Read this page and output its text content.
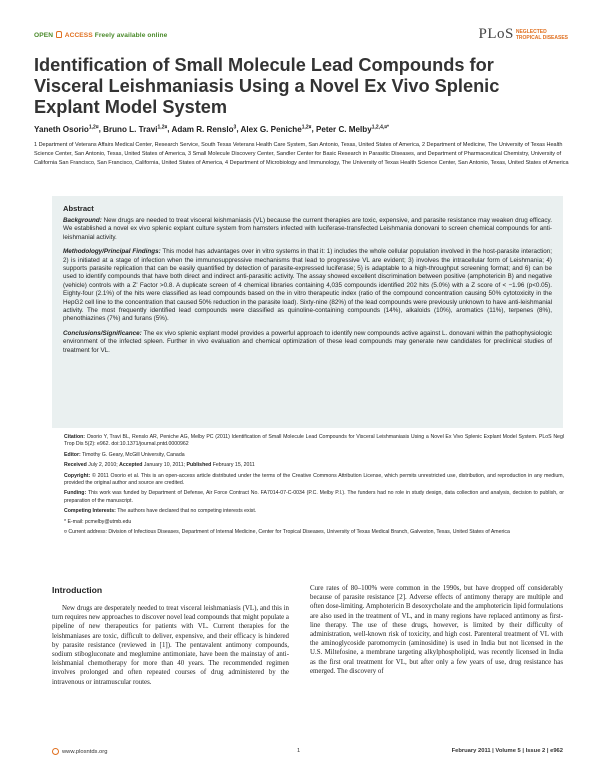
OPEN ACCESS Freely available online	PLoS NEGLECTED
TROPICAL DISEASES
Identification of Small Molecule Lead Compounds for Visceral Leishmaniasis Using a Novel Ex Vivo Splenic Explant Model System
Yaneth Osorio$^{1,2¤}$, Bruno L. Travi$^{1,2¤}$, Adam R. Renslo$^3$, Alex G. Peniche$^{1,2¤}$, Peter C. Melby$^{1,2,4,¤*}$
1 Department of Veterans Affairs Medical Center, Research Service, South Texas Veterans Health Care System, San Antonio, Texas, United States of America, 2 Department of Medicine, The University of Texas Health Science Center, San Antonio, Texas, United States of America, 3 Small Molecule Discovery Center, Sandler Center for Basic Research in Parasitic Diseases, and Department of Pharmaceutical Chemistry, University of California San Francisco, San Francisco, California, United States of America, 4 Department of Microbiology and Immunology, The University of Texas Health Science Center, San Antonio, Texas, United States of America
Abstract

Background: New drugs are needed to treat visceral leishmaniasis (VL) because the current therapies are toxic, expensive, and parasite resistance may weaken drug efficacy. We established a novel ex vivo splenic explant culture system from hamsters infected with luciferase-transfected Leishmania donovani to screen chemical compounds for anti-leishmanial activity.

Methodology/Principal Findings: This model has advantages over in vitro systems in that it: 1) includes the whole cellular population involved in the host-parasite interaction; 2) is initiated at a stage of infection when the immunosuppressive mechanisms that lead to progressive VL are evident; 3) involves the intracellular form of Leishmania; 4) supports parasite replication that can be easily quantified by detection of parasite-expressed luciferase; 5) is adaptable to a high-throughput screening format; and 6) can be used to identify compounds that have both direct and indirect anti-parasitic activity. The assay showed excellent discrimination between positive (amphotericin B) and negative (vehicle) controls with a Z' Factor >0.8. A duplicate screen of 4 chemical libraries containing 4,035 compounds identified 202 hits (5.0%) with a Z score of < −1.96 (p<0.05). Eighty-four (2.1%) of the hits were classified as lead compounds based on the in vitro therapeutic index (ratio of the compound concentration causing 50% cytotoxicity in the HepG2 cell line to the concentration that caused 50% reduction in the parasite load). Sixty-nine (82%) of the lead compounds were previously unknown to have anti-leishmanial activity. The most frequently identified lead compounds were classified as quinoline-containing compounds (14%), alkaloids (10%), aromatics (11%), terpenes (8%), phenothiazines (7%) and furans (5%).

Conclusions/Significance: The ex vivo splenic explant model provides a powerful approach to identify new compounds active against L. donovani within the pathophysiologic environment of the infected spleen. Further in vivo evaluation and chemical optimization of these lead compounds may generate new candidates for preclinical studies of treatment for VL.

Citation: Osorio Y, Travi BL, Renslo AR, Peniche AG, Melby PC (2011) Identification of Small Molecule Lead Compounds for Visceral Leishmaniasis Using a Novel Ex Vivo Splenic Explant Model System. PLoS Negl Trop Dis 5(2): e962. doi:10.1371/journal.pntd.0000962
Editor: Timothy G. Geary, McGill University, Canada
Received July 2, 2010; Accepted January 10, 2011; Published February 15, 2011
Copyright: © 2011 Osorio et al. This is an open-access article distributed under the terms of the Creative Commons Attribution License, which permits unrestricted use, distribution, and reproduction in any medium, provided the original author and source are credited.
Funding: This work was funded by Department of Defense, Air Force Contract No. FA7014-07-C-0034 (P.C. Melby P.I.). The funders had no role in study design, data collection and analysis, decision to publish, or preparation of the manuscript.
Competing Interests: The authors have declared that no competing interests exist.
* E-mail: pcmelby@utmb.edu
¤ Current address: Division of Infectious Diseases, Department of Internal Medicine, Center for Tropical Diseases, University of Texas Medical Branch, Galveston, Texas, United States of America
Introduction

New drugs are desperately needed to treat visceral leishmaniasis (VL), and this in turn requires new approaches to discover novel lead compounds that might populate a pipeline of new therapeutics for patients with VL. Current therapies for the leishmaniases are toxic, difficult to deliver, expensive, and their efficacy is hindered by parasite resistance (reviewed in [1]). The pentavalent antimony compounds, sodium stibogluconate and meglumine antimoniate, have been the mainstay of anti-leishmanial chemotherapy for more than 40 years. The recommended regimen involves prolonged and often repeated courses of drug administered by the intravenous or intramuscular routes.

Cure rates of 80–100% were common in the 1990s, but have dropped off considerably because of parasite resistance [2]. Adverse effects of antimony therapy are multiple and often dose-limiting. Amphotericin B desoxycholate and the amphotericin lipid formulations are also used in the treatment of VL, and in many regions have replaced antimony as first-line therapy. The use of these drugs, however, is limited by their difficulty of administration, well-known risk of toxicity, and high cost. Parenteral treatment of VL with the aminoglycoside paromomycin (aminosidine) is used in India but not licensed in the U.S. Miltefosine, a membrane targeting alkylphospholipid, was recently licensed in India as the first oral treatment for VL, but after only a few years of use, drug resistance has emerged. The discovery of

www.plosntds.org	1	February 2011 | Volume 5 | Issue 2 | e962
